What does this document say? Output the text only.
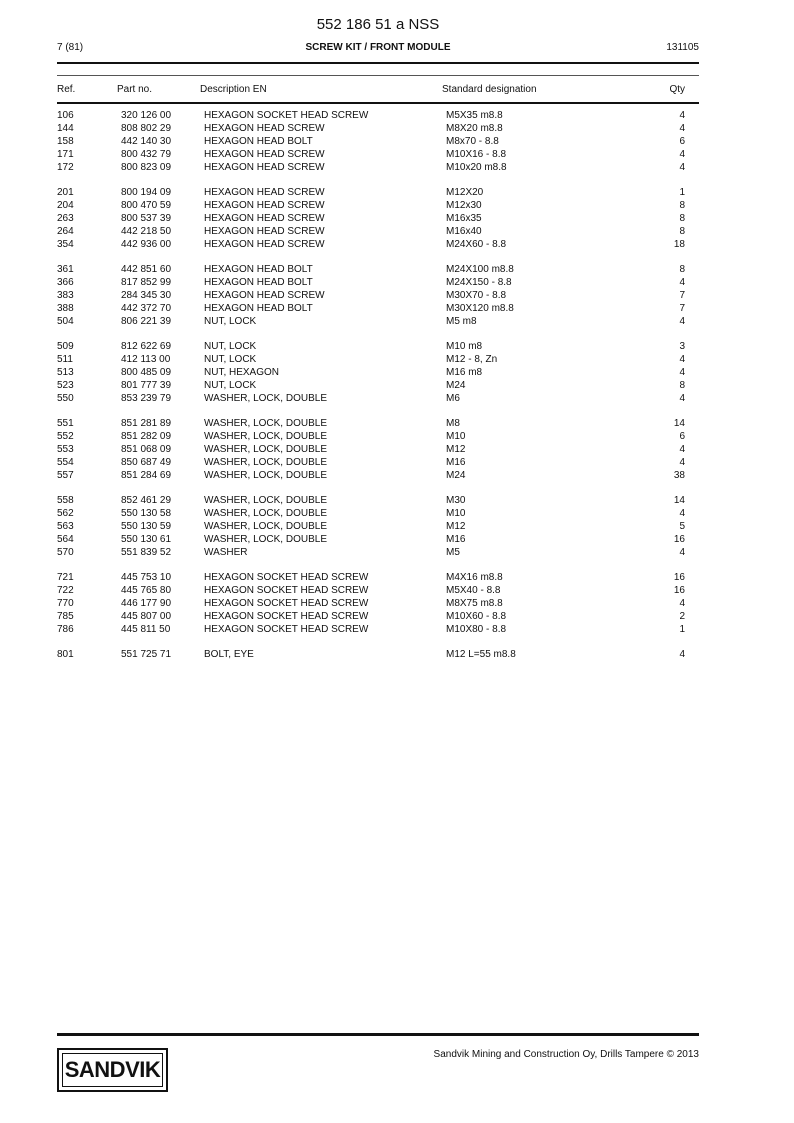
552 186 51 a NSS
7 (81)	SCREW KIT / FRONT MODULE	131105
Ref.	Part no.	Description EN	Standard designation	Qty
106	320 126 00	HEXAGON SOCKET HEAD SCREW	M5X35 m8.8	4
144	808 802 29	HEXAGON HEAD SCREW	M8X20 m8.8	4
158	442 140 30	HEXAGON HEAD BOLT	M8x70 - 8.8	6
171	800 432 79	HEXAGON HEAD SCREW	M10X16 - 8.8	4
172	800 823 09	HEXAGON HEAD SCREW	M10x20 m8.8	4
201	800 194 09	HEXAGON HEAD SCREW	M12X20	1
204	800 470 59	HEXAGON HEAD SCREW	M12x30	8
263	800 537 39	HEXAGON HEAD SCREW	M16x35	8
264	442 218 50	HEXAGON HEAD SCREW	M16x40	8
354	442 936 00	HEXAGON HEAD SCREW	M24X60 - 8.8	18
361	442 851 60	HEXAGON HEAD BOLT	M24X100 m8.8	8
366	817 852 99	HEXAGON HEAD BOLT	M24X150 - 8.8	4
383	284 345 30	HEXAGON HEAD SCREW	M30X70 - 8.8	7
388	442 372 70	HEXAGON HEAD BOLT	M30X120 m8.8	7
504	806 221 39	NUT, LOCK	M5 m8	4
509	812 622 69	NUT, LOCK	M10 m8	3
511	412 113 00	NUT, LOCK	M12 - 8, Zn	4
513	800 485 09	NUT, HEXAGON	M16 m8	4
523	801 777 39	NUT, LOCK	M24	8
550	853 239 79	WASHER, LOCK, DOUBLE	M6	4
551	851 281 89	WASHER, LOCK, DOUBLE	M8	14
552	851 282 09	WASHER, LOCK, DOUBLE	M10	6
553	851 068 09	WASHER, LOCK, DOUBLE	M12	4
554	850 687 49	WASHER, LOCK, DOUBLE	M16	4
557	851 284 69	WASHER, LOCK, DOUBLE	M24	38
558	852 461 29	WASHER, LOCK, DOUBLE	M30	14
562	550 130 58	WASHER, LOCK, DOUBLE	M10	4
563	550 130 59	WASHER, LOCK, DOUBLE	M12	5
564	550 130 61	WASHER, LOCK, DOUBLE	M16	16
570	551 839 52	WASHER	M5	4
721	445 753 10	HEXAGON SOCKET HEAD SCREW	M4X16 m8.8	16
722	445 765 80	HEXAGON SOCKET HEAD SCREW	M5X40 - 8.8	16
770	446 177 90	HEXAGON SOCKET HEAD SCREW	M8X75 m8.8	4
785	445 807 00	HEXAGON SOCKET HEAD SCREW	M10X60 - 8.8	2
786	445 811 50	HEXAGON SOCKET HEAD SCREW	M10X80 - 8.8	1
801	551 725 71	BOLT, EYE	M12 L=55 m8.8	4
SANDVIK
Sandvik Mining and Construction Oy, Drills Tampere © 2013
